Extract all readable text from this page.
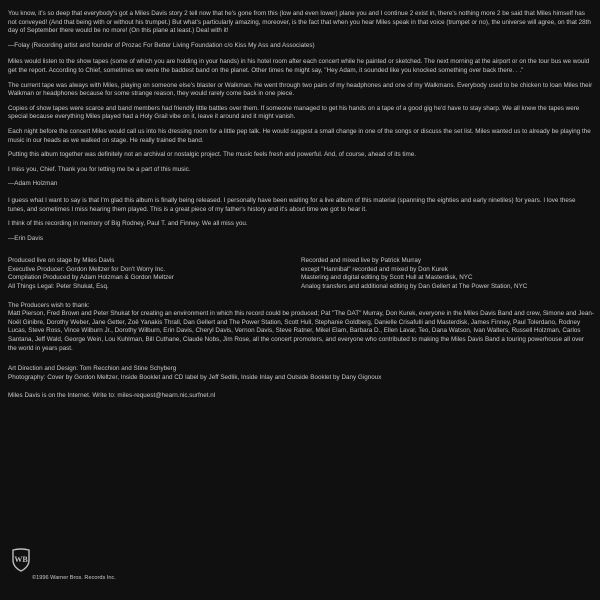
You know, it's so deep that everybody's got a Miles Davis story 2 tell now that he's gone from this (low and even lower) plane you and I continue 2 exist in, there's nothing more 2 be said that Miles himself has not conveyed! (And that being with or without his trumpet.) But what's particularly amazing, moreover, is the fact that when you hear Miles speak in that voice (trumpet or no), the universe will agree, on that 28th day of September there would be no more! (On this plane at least.) Deal with it!

—Folay (Recording artist and founder of Prozac For Better Living Foundation c/o Kiss My Ass and Associates)

Miles would listen to the show tapes (some of which you are holding in your hands) in his hotel room after each concert while he painted or sketched. The next morning at the airport or on the tour bus we would get the report. According to Chief, sometimes we were the baddest band on the planet. Other times he might say, "Hey Adam, it sounded like you knocked something over back there. . ."

The current tape was always with Miles, playing on someone else's blaster or Walkman. He went through two pairs of my headphones and one of my Walkmans. Everybody used to be chicken to loan Miles their Walkman or headphones because for some strange reason, they would rarely come back in one piece.

Copies of show tapes were scarce and band members had friendly little battles over them. If someone managed to get his hands on a tape of a good gig he'd have to stay sharp. We all knew the tapes were special because everything Miles played had a Holy Grail vibe on it, leave it around and it might vanish.

Each night before the concert Miles would call us into his dressing room for a little pep talk. He would suggest a small change in one of the songs or discuss the set list. Miles wanted us to already be playing the music in our heads as we walked on stage. He really trained the band.

Putting this album together was definitely not an archival or nostalgic project. The music feels fresh and powerful. And, of course, ahead of its time.

I miss you, Chief. Thank you for letting me be a part of this music.

—Adam Holzman

I guess what I want to say is that I'm glad this album is finally being released. I personally have been waiting for a live album of this material (spanning the eighties and early ninetiles) for years. I love these tunes, and sometimes I miss hearing them played. This is a great piece of my father's history and it's about time we got to hear it.

I think of this recording in memory of Big Rodney, Paul T. and Finney. We all miss you.

—Erin Davis

Produced live on stage by Miles Davis
Executive Producer: Gordon Meltzer for Don't Worry Inc.
Compilation Produced by Adam Holzman & Gordon Meltzer
All Things Legal: Peter Shukat, Esq.
Recorded and mixed live by Patrick Murray
except "Hannibal" recorded and mixed by Don Kurek
Mastering and digital editing by Scott Hull at Masterdisk, NYC
Analog transfers and additional editing by Dan Gellert at The Power Station, NYC
The Producers wish to thank:

Matt Pierson, Fred Brown and Peter Shukat for creating an environment in which this record could be produced; Pat "The DAT" Murray, Don Kurek, everyone in the Miles Davis Band and crew, Simone and Jean-Noël Ginibre, Dorothy Weber, Jane Getter, Zoë Yanakis Thrall, Dan Gellert and The Power Station, Scott Hull, Stephanie Goldberg, Danielle Crisafulli and Masterdisk, James Finney, Paul Tolerdano, Rodney Lucas, Steve Ross, Vince Wilburn Jr., Dorothy Wilburn, Erin Davis, Cheryl Davis, Vernon Davis, Steve Ratner, Mikel Elam, Barbara D., Ellen Lavar, Teo, Dana Watson, Ivan Walters, Russell Holzman, Carlos Santana, Jeff Wald, George Wein, Lou Kuhlman, Bill Cuthane, Claude Nobs, Jim Rose, all the concert promoters, and everyone who contributed to making the Miles Davis Band a touring powerhouse all over the world in years past.

Art Direction and Design: Tom Recchion and Stine Schyberg
Photography: Cover by Gordon Meltzer, Inside Booklet and CD label by Jeff Sedlik, Inside Inlay and Outside Booklet by Dany Gignoux
Miles Davis is on the Internet. Write to: miles-request@hearn.nic.surfnet.nl
WB
©1996 Warner Bros. Records Inc.
